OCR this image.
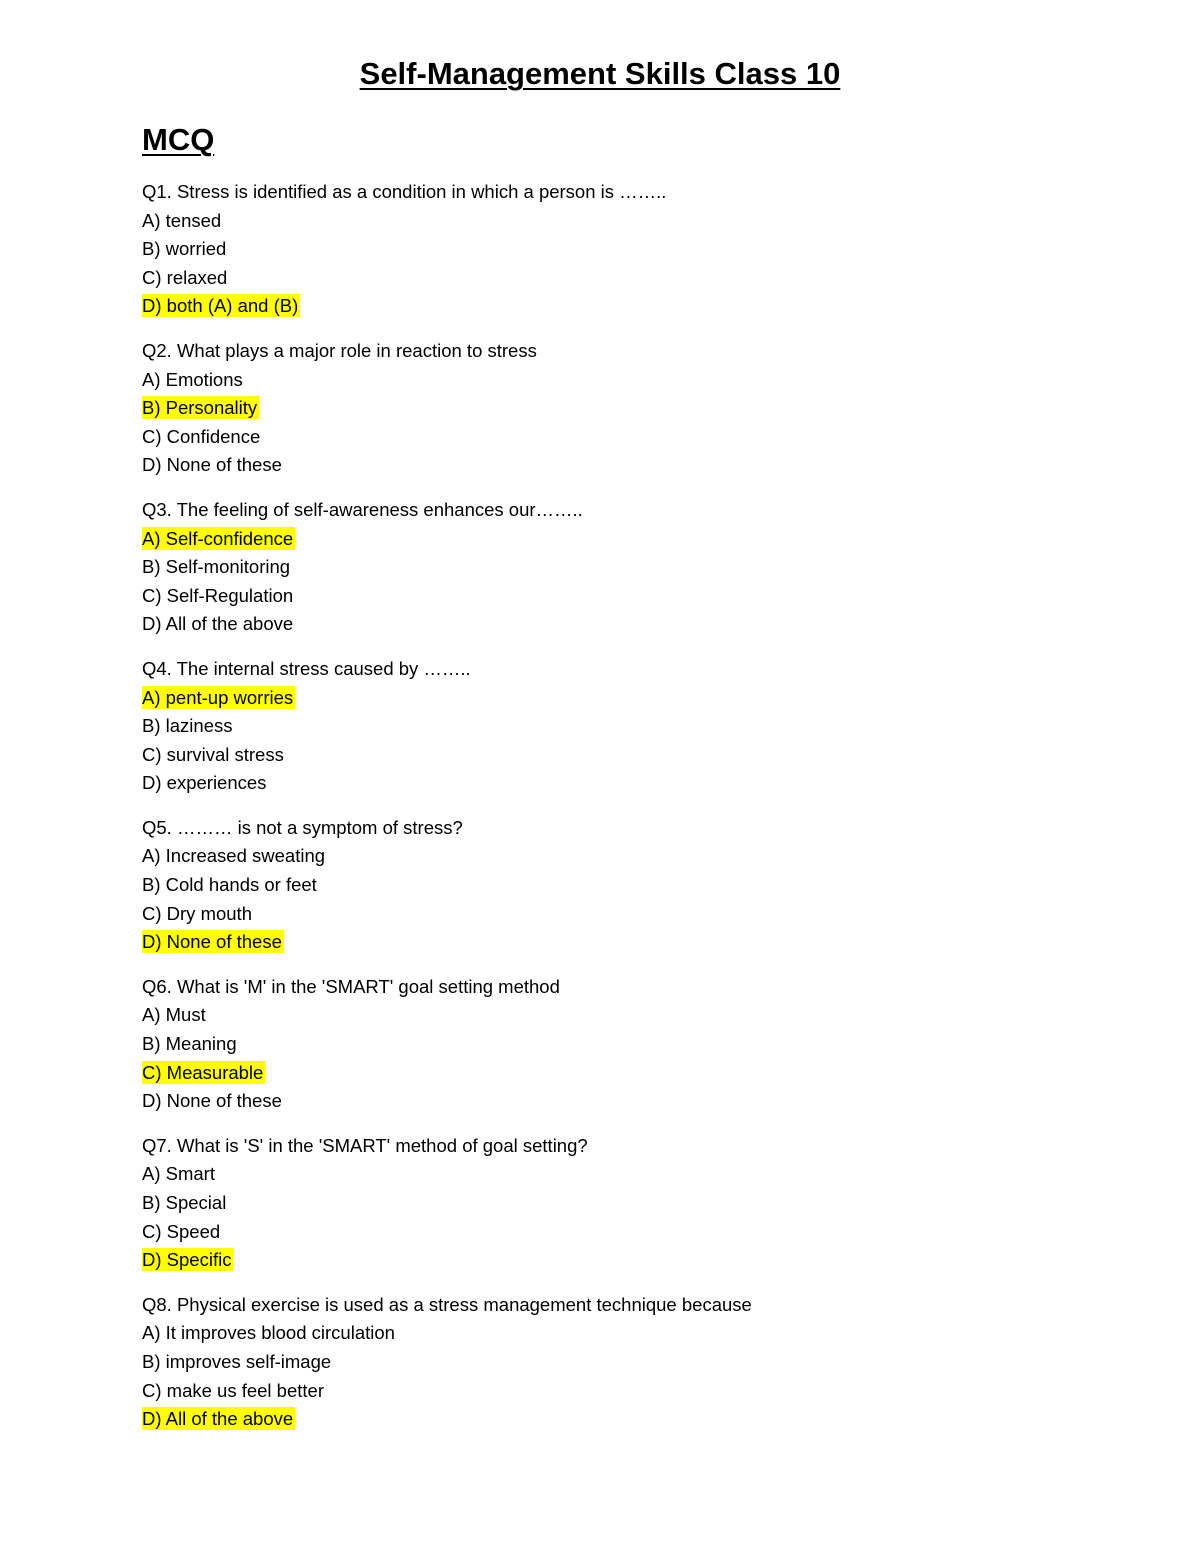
Self-Management Skills Class 10
MCQ
Q1. Stress is identified as a condition in which a person is ……..
A) tensed
B) worried
C) relaxed
D) both (A) and (B)
Q2. What plays a major role in reaction to stress
A) Emotions
B) Personality
C) Confidence
D) None of these
Q3. The feeling of self-awareness enhances our……..
A) Self-confidence
B) Self-monitoring
C) Self-Regulation
D) All of the above
Q4. The internal stress caused by ……..
A) pent-up worries
B) laziness
C) survival stress
D) experiences
Q5. ……… is not a symptom of stress?
A) Increased sweating
B) Cold hands or feet
C) Dry mouth
D) None of these
Q6. What is 'M' in the 'SMART' goal setting method
A) Must
B) Meaning
C) Measurable
D) None of these
Q7. What is 'S' in the 'SMART' method of goal setting?
A) Smart
B) Special
C) Speed
D) Specific
Q8. Physical exercise is used as a stress management technique because
A) It improves blood circulation
B) improves self-image
C) make us feel better
D) All of the above
